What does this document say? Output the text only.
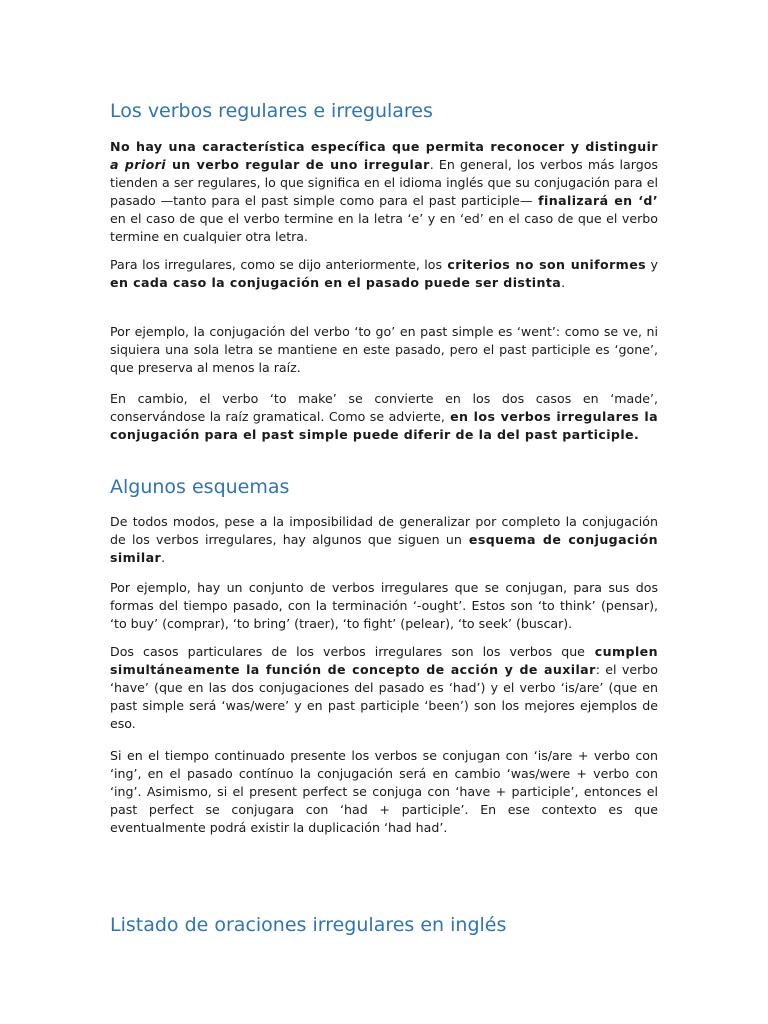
Los verbos regulares e irregulares

No hay una característica específica que permita reconocer y distinguir a priori un verbo regular de uno irregular. En general, los verbos más largos tienden a ser regulares, lo que significa en el idioma inglés que su conjugación para el pasado —tanto para el past simple como para el past participle— finalizará en ‘d’ en el caso de que el verbo termine en la letra ‘e’ y en ‘ed’ en el caso de que el verbo termine en cualquier otra letra.

Para los irregulares, como se dijo anteriormente, los criterios no son uniformes y en cada caso la conjugación en el pasado puede ser distinta.

Por ejemplo, la conjugación del verbo ‘to go’ en past simple es ‘went’: como se ve, ni siquiera una sola letra se mantiene en este pasado, pero el past participle es ‘gone’, que preserva al menos la raíz.

En cambio, el verbo ‘to make’ se convierte en los dos casos en ‘made’, conservándose la raíz gramatical. Como se advierte, en los verbos irregulares la conjugación para el past simple puede diferir de la del past participle.

Algunos esquemas

De todos modos, pese a la imposibilidad de generalizar por completo la conjugación de los verbos irregulares, hay algunos que siguen un esquema de conjugación similar.

Por ejemplo, hay un conjunto de verbos irregulares que se conjugan, para sus dos formas del tiempo pasado, con la terminación ‘-ought’. Estos son ‘to think’ (pensar), ‘to buy’ (comprar), ‘to bring’ (traer), ‘to fight’ (pelear), ‘to seek’ (buscar).

Dos casos particulares de los verbos irregulares son los verbos que cumplen simultáneamente la función de concepto de acción y de auxilar: el verbo ‘have’ (que en las dos conjugaciones del pasado es ‘had’) y el verbo ‘is/are’ (que en past simple será ‘was/were’ y en past participle ‘been’) son los mejores ejemplos de eso.

Si en el tiempo continuado presente los verbos se conjugan con ‘is/are + verbo con ‘ing’, en el pasado contínuo la conjugación será en cambio ‘was/were + verbo con ‘ing’. Asimismo, si el present perfect se conjuga con ‘have + participle’, entonces el past perfect se conjugara con ‘had + participle’. En ese contexto es que eventualmente podrá existir la duplicación ‘had had’.

Listado de oraciones irregulares en inglés
